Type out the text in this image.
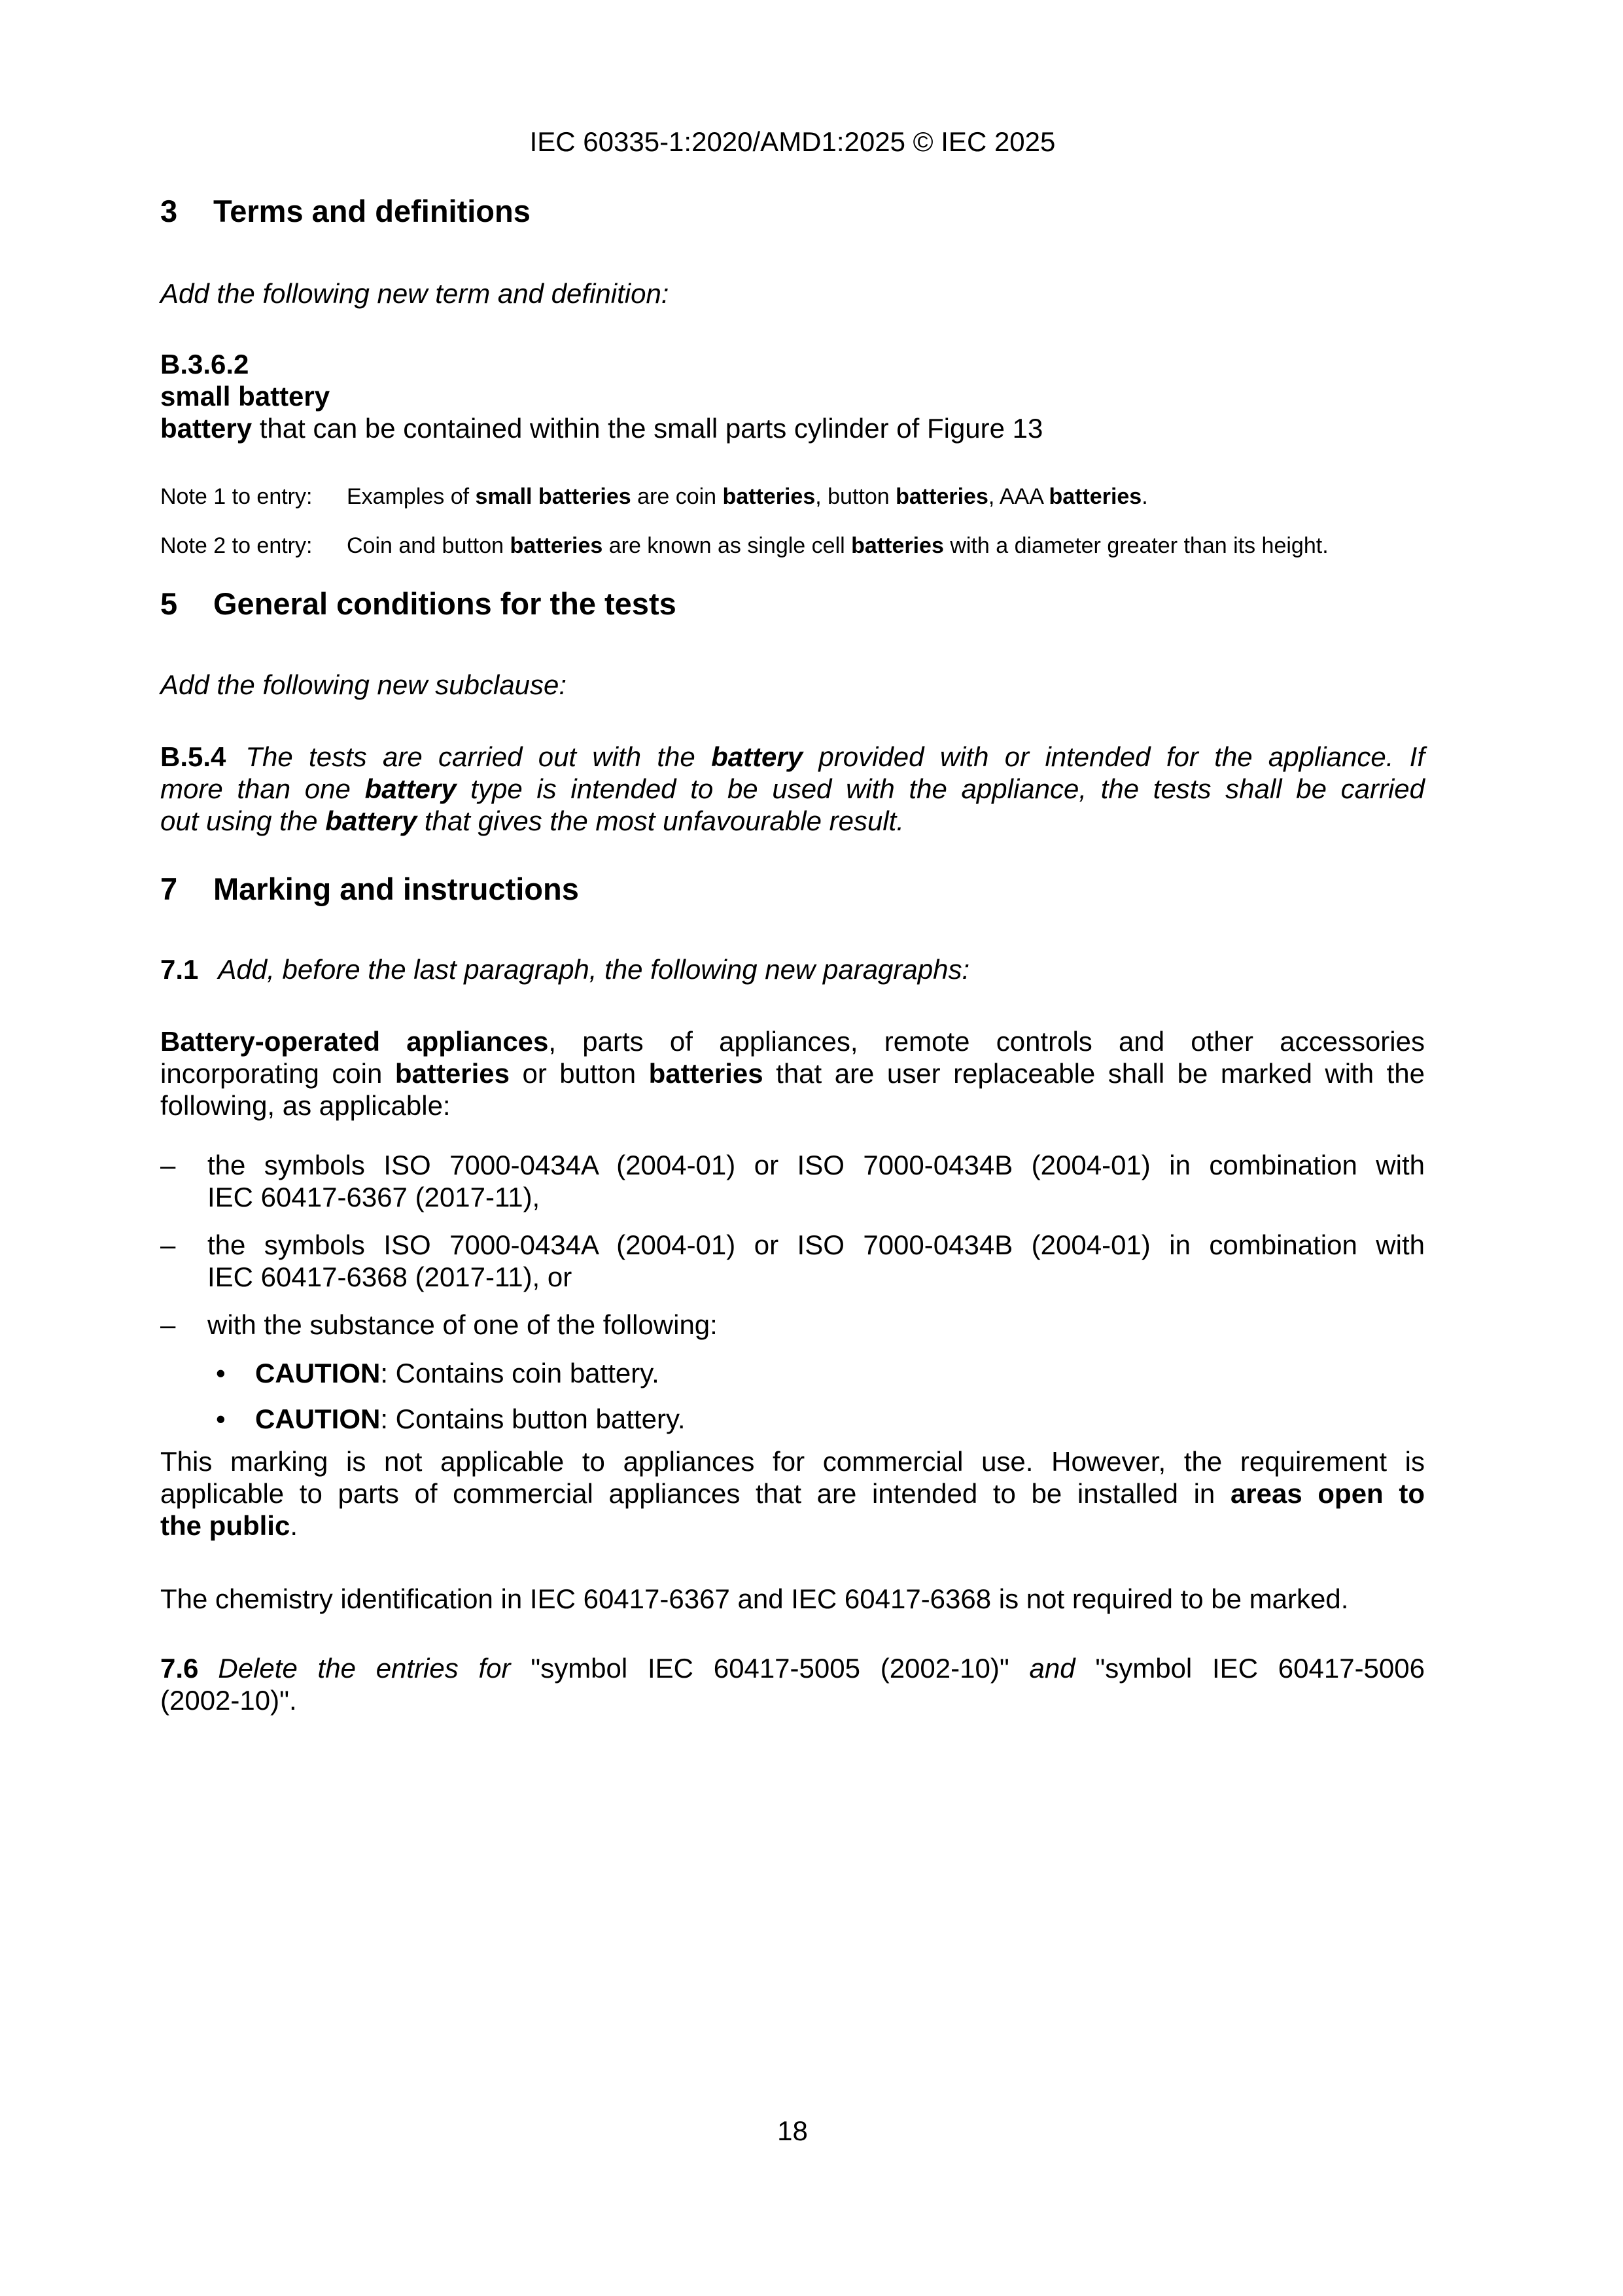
IEC 60335-1:2020/AMD1:2025 © IEC 2025
3 Terms and definitions
Add the following new term and definition:
B.3.6.2
small battery
battery that can be contained within the small parts cylinder of Figure 13
Note 1 to entry:	Examples of small batteries are coin batteries, button batteries, AAA batteries.
Note 2 to entry:	Coin and button batteries are known as single cell batteries with a diameter greater than its height.
5 General conditions for the tests
Add the following new subclause:
B.5.4 The tests are carried out with the battery provided with or intended for the appliance. If
more than one battery type is intended to be used with the appliance, the tests shall be carried
out using the battery that gives the most unfavourable result.
7 Marking and instructions
7.1 Add, before the last paragraph, the following new paragraphs:
Battery-operated appliances, parts of appliances, remote controls and other accessories
incorporating coin batteries or button batteries that are user replaceable shall be marked with the
following, as applicable:
– the symbols ISO 7000-0434A (2004-01) or ISO 7000-0434B (2004-01) in combination with
IEC 60417-6367 (2017-11),
– the symbols ISO 7000-0434A (2004-01) or ISO 7000-0434B (2004-01) in combination with
IEC 60417-6368 (2017-11), or
– with the substance of one of the following:
• CAUTION: Contains coin battery.
• CAUTION: Contains button battery.
This marking is not applicable to appliances for commercial use. However, the requirement is
applicable to parts of commercial appliances that are intended to be installed in areas open to
the public.
The chemistry identification in IEC 60417-6367 and IEC 60417-6368 is not required to be marked.
7.6 Delete the entries for "symbol IEC 60417-5005 (2002-10)" and "symbol IEC 60417-5006
(2002-10)".
18
